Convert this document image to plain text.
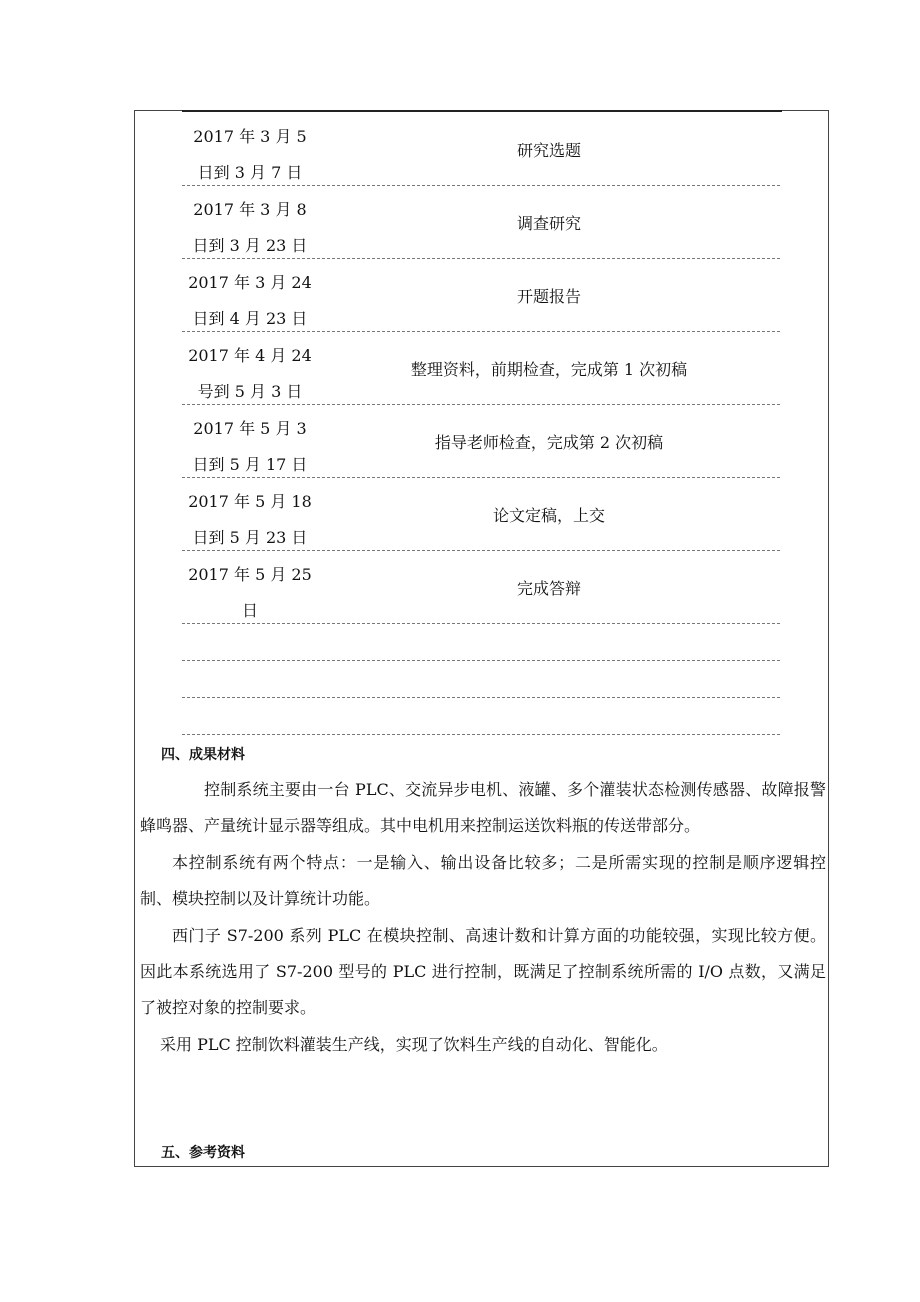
2017 年 3 月 5
日到 3 月 7 日
研究选题
2017 年 3 月 8
日到 3 月 23 日
调查研究
2017 年 3 月 24
日到 4 月 23 日
开题报告
2017 年 4 月 24
号到 5 月 3 日
整理资料，前期检查，完成第 1 次初稿
2017 年 5 月 3
日到 5 月 17 日
指导老师检查，完成第 2 次初稿
2017 年 5 月 18
日到 5 月 23 日
论文定稿，上交
2017 年 5 月 25
日
完成答辩
四、成果材料

控制系统主要由一台 PLC、交流异步电机、液罐、多个灌装状态检测传感器、故障报警蜂鸣器、产量统计显示器等组成。其中电机用来控制运送饮料瓶的传送带部分。

本控制系统有两个特点：一是输入、输出设备比较多；二是所需实现的控制是顺序逻辑控制、模块控制以及计算统计功能。

西门子 S7-200 系列 PLC 在模块控制、高速计数和计算方面的功能较强，实现比较方便。因此本系统选用了 S7-200 型号的 PLC 进行控制，既满足了控制系统所需的 I/O 点数，又满足了被控对象的控制要求。

采用 PLC 控制饮料灌装生产线，实现了饮料生产线的自动化、智能化。

五、参考资料
